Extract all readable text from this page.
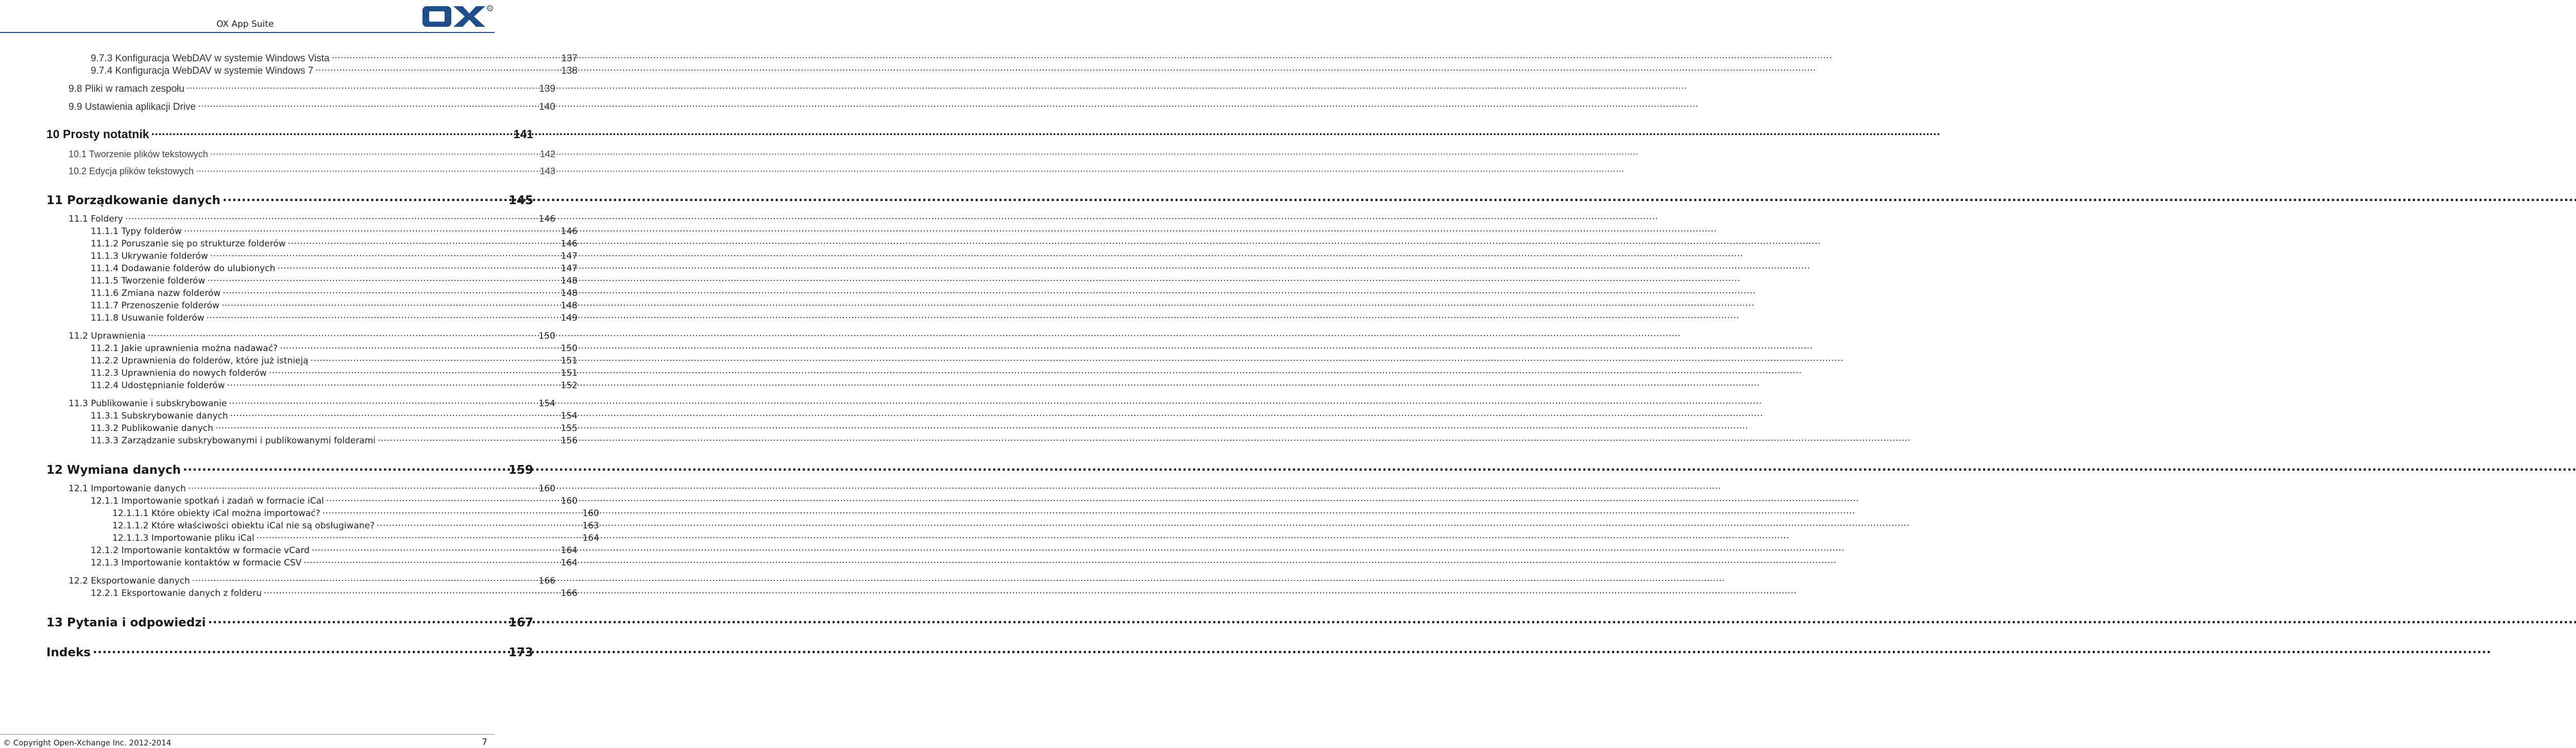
OX App Suite
R
9.7.3 Konfiguracja WebDAV w systemie Windows Vista .....	137
9.7.4 Konfiguracja WebDAV w systemie Windows 7 .....	138
9.8 Pliki w ramach zespołu .....	139
9.9 Ustawienia aplikacji Drive .....	140
10 Prosty notatnik .....	141
10.1 Tworzenie plików tekstowych .....	142
10.2 Edycja plików tekstowych .....	143
11 Porządkowanie danych .....	145
11.1 Foldery .....	146
11.1.1 Typy folderów .....	146
11.1.2 Poruszanie się po strukturze folderów .....	146
11.1.3 Ukrywanie folderów .....	147
11.1.4 Dodawanie folderów do ulubionych .....	147
11.1.5 Tworzenie folderów .....	148
11.1.6 Zmiana nazw folderów .....	148
11.1.7 Przenoszenie folderów .....	148
11.1.8 Usuwanie folderów .....	149
11.2 Uprawnienia .....	150
11.2.1 Jakie uprawnienia można nadawać? .....	150
11.2.2 Uprawnienia do folderów, które już istnieją .....	151
11.2.3 Uprawnienia do nowych folderów .....	151
11.2.4 Udostępnianie folderów .....	152
11.3 Publikowanie i subskrybowanie .....	154
11.3.1 Subskrybowanie danych .....	154
11.3.2 Publikowanie danych .....	155
11.3.3 Zarządzanie subskrybowanymi i publikowanymi folderami .....	156
12 Wymiana danych .....	159
12.1 Importowanie danych .....	160
12.1.1 Importowanie spotkań i zadań w formacie iCal .....	160
12.1.1.1 Które obiekty iCal można importować? .....	160
12.1.1.2 Które właściwości obiektu iCal nie są obsługiwane? .....	163
12.1.1.3 Importowanie pliku iCal .....	164
12.1.2 Importowanie kontaktów w formacie vCard .....	164
12.1.3 Importowanie kontaktów w formacie CSV .....	164
12.2 Eksportowanie danych .....	166
12.2.1 Eksportowanie danych z folderu .....	166
13 Pytania i odpowiedzi .....	167
Indeks .....	173
© Copyright Open-Xchange Inc. 2012-2014	7
